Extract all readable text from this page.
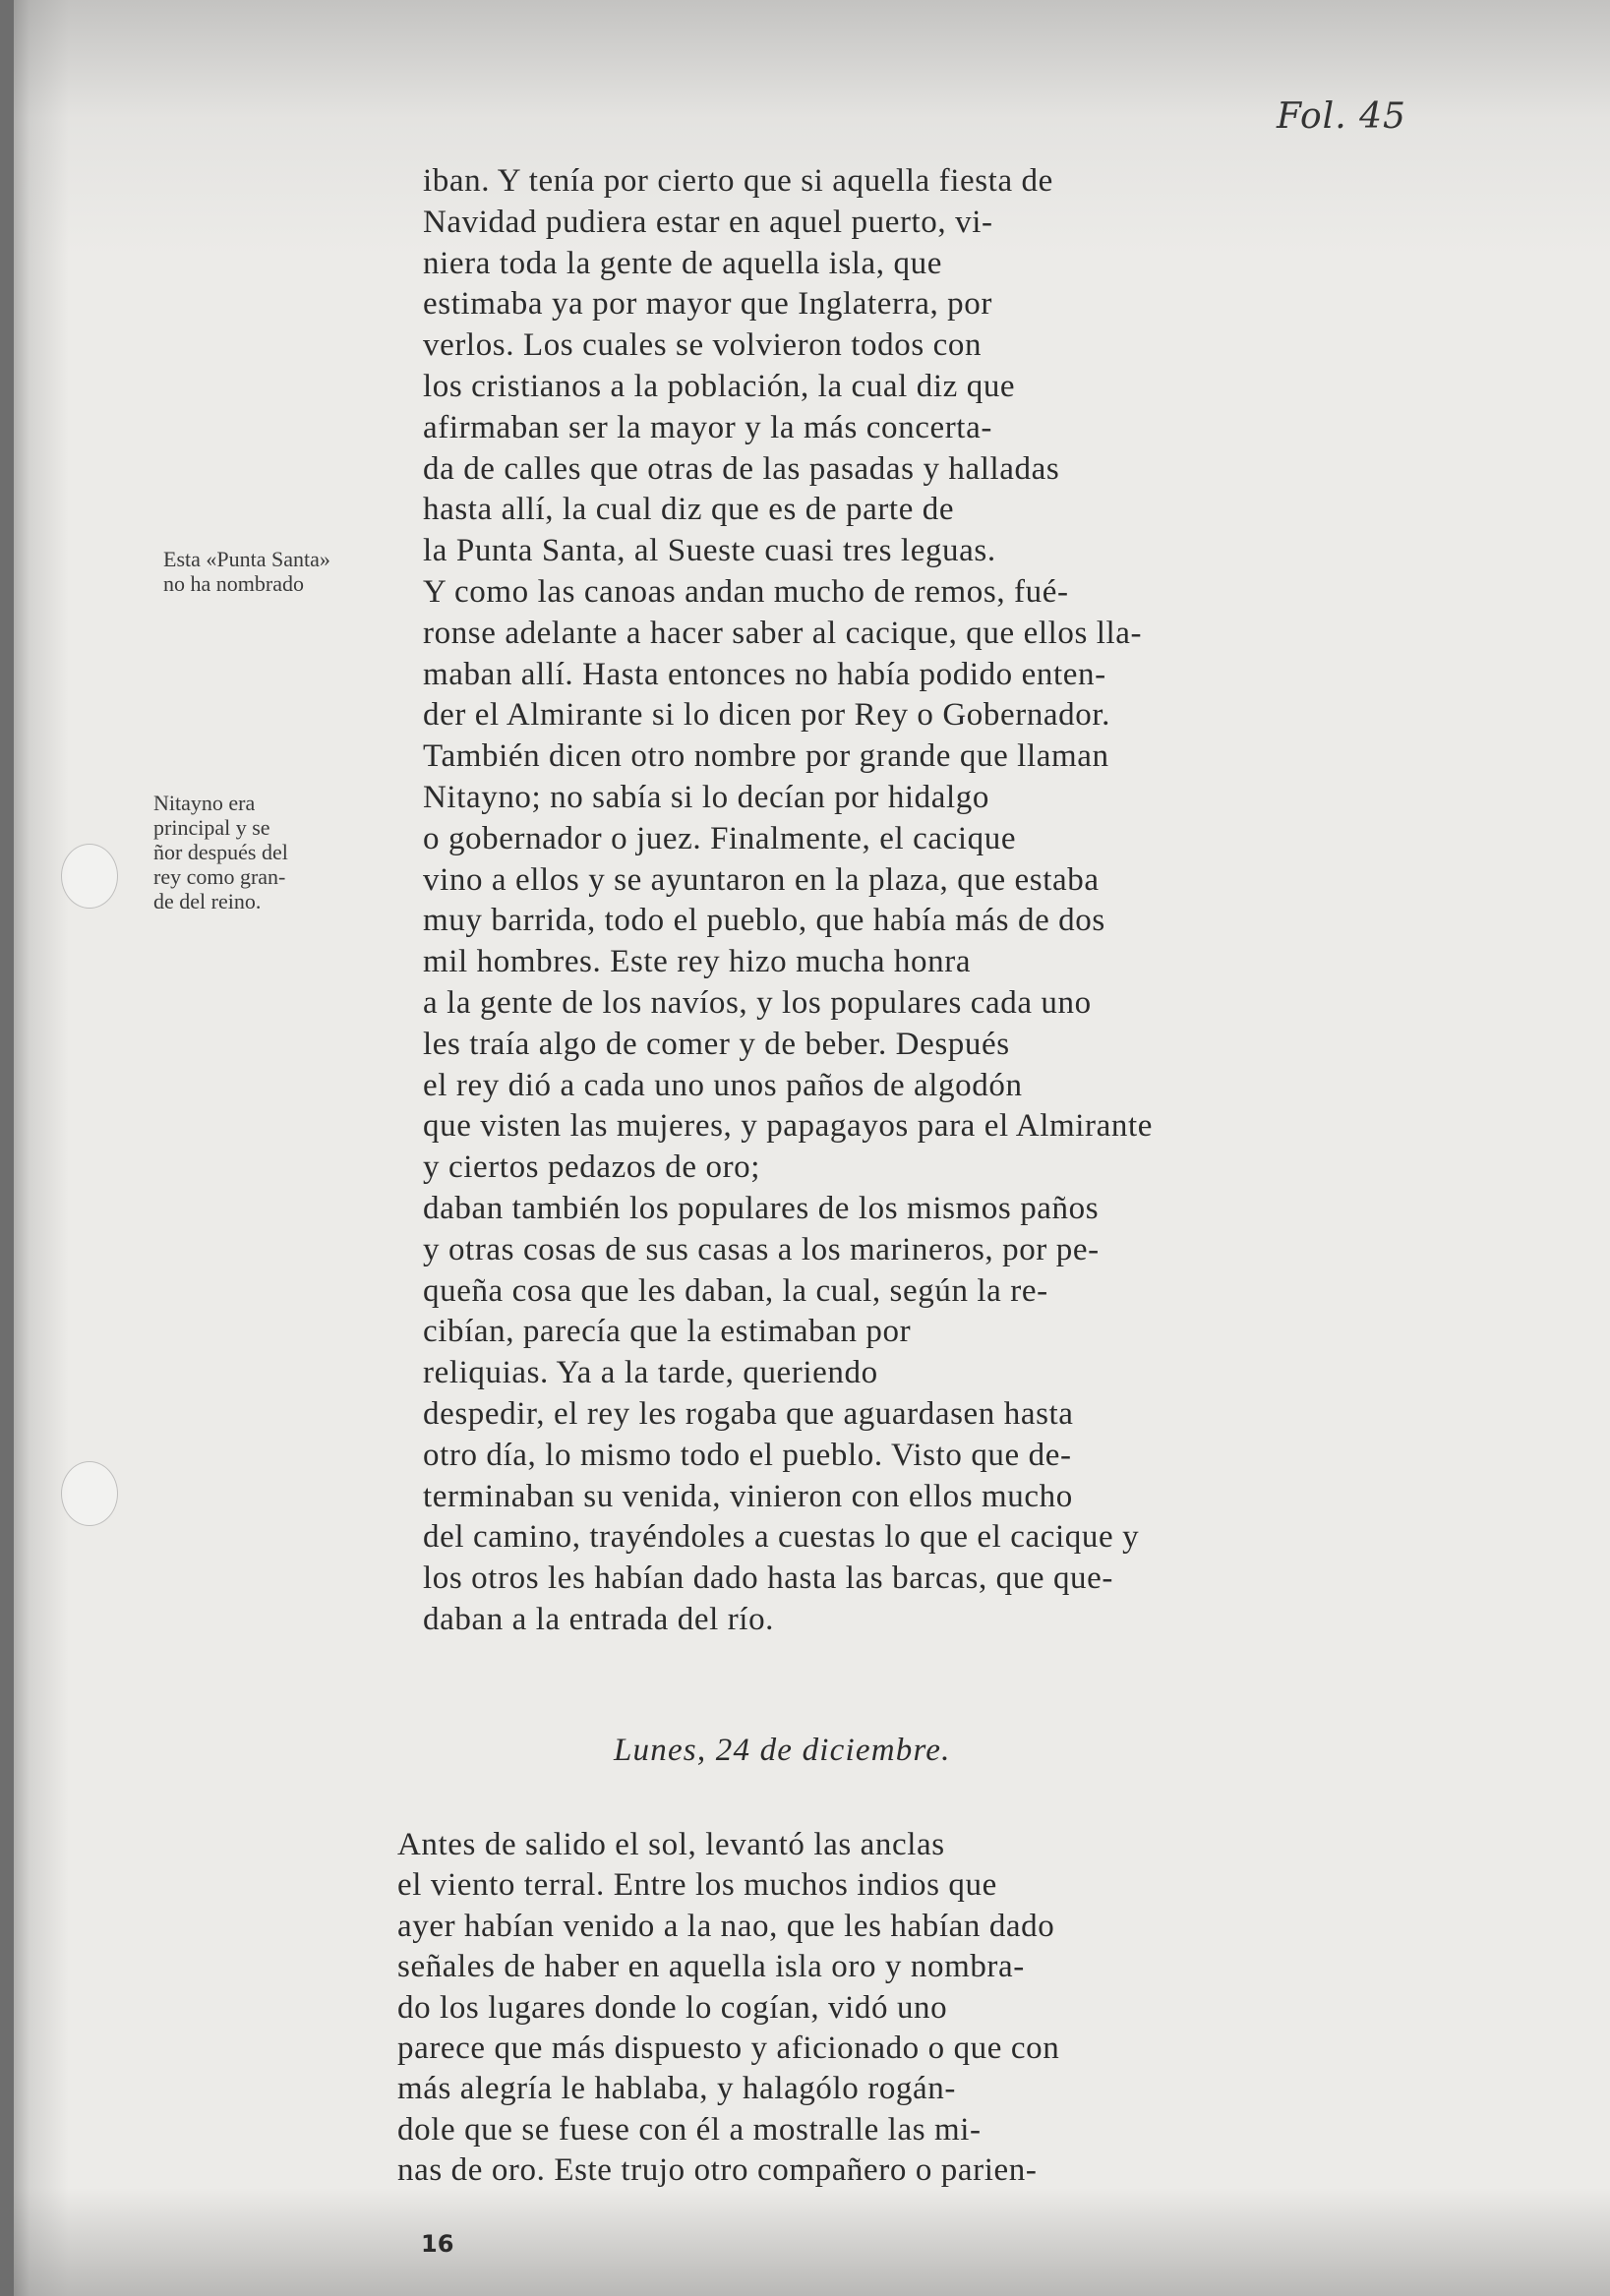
Fol. 45

Esta «Punta Santa»
no ha nombrado

Nitayno era
principal y se
ñor después del
rey como gran-
de del reino.

iban. Y tenía por cierto que si aquella fiesta de
Navidad pudiera estar en aquel puerto, vi-
niera toda la gente de aquella isla, que
estimaba ya por mayor que Inglaterra, por
verlos. Los cuales se volvieron todos con
los cristianos a la población, la cual diz que
afirmaban ser la mayor y la más concerta-
da de calles que otras de las pasadas y halladas
hasta allí, la cual diz que es de parte de
la Punta Santa, al Sueste cuasi tres leguas.
Y como las canoas andan mucho de remos, fué-
ronse adelante a hacer saber al cacique, que ellos lla-
maban allí. Hasta entonces no había podido enten-
der el Almirante si lo dicen por Rey o Gobernador.
También dicen otro nombre por grande que llaman
Nitayno; no sabía si lo decían por hidalgo
o gobernador o juez. Finalmente, el cacique
vino a ellos y se ayuntaron en la plaza, que estaba
muy barrida, todo el pueblo, que había más de dos
mil hombres. Este rey hizo mucha honra
a la gente de los navíos, y los populares cada uno
les traía algo de comer y de beber. Después
el rey dió a cada uno unos paños de algodón
que visten las mujeres, y papagayos para el Almirante
y ciertos pedazos de oro;
daban también los populares de los mismos paños
y otras cosas de sus casas a los marineros, por pe-
queña cosa que les daban, la cual, según la re-
cibían, parecía que la estimaban por
reliquias. Ya a la tarde, queriendo
despedir, el rey les rogaba que aguardasen hasta
otro día, lo mismo todo el pueblo. Visto que de-
terminaban su venida, vinieron con ellos mucho
del camino, trayéndoles a cuestas lo que el cacique y
los otros les habían dado hasta las barcas, que que-
daban a la entrada del río.

Lunes, 24 de diciembre.

Antes de salido el sol, levantó las anclas
el viento terral. Entre los muchos indios que
ayer habían venido a la nao, que les habían dado
señales de haber en aquella isla oro y nombra-
do los lugares donde lo cogían, vidó uno
parece que más dispuesto y aficionado o que con
más alegría le hablaba, y halagólo rogán-
dole que se fuese con él a mostralle las mi-
nas de oro. Este trujo otro compañero o parien-

16
